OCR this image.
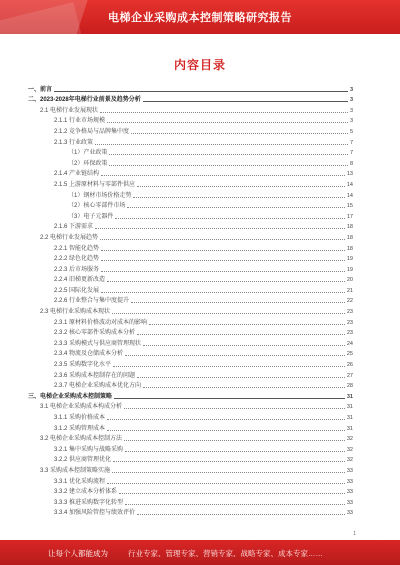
电梯企业采购成本控制策略研究报告
内容目录
一、前言	3
二、2023-2028年电梯行业前景及趋势分析	3
2.1 电梯行业发展现状	3
2.1.1 行业市场规模	3
2.1.2 竞争格局与品牌集中度	5
2.1.3 行业政策	7
（1）产业政策	7
（2）环保政策	8
2.1.4 产业链结构	13
2.1.5 上游原材料与零部件供应	14
（1）钢材市场价格走势	14
（2）核心零部件市场	15
（3）电子元器件	17
2.1.6 下游需求	18
2.2 电梯行业发展趋势	18
2.2.1 智能化趋势	18
2.2.2 绿色化趋势	19
2.2.3 后市场服务	19
2.2.4 旧梯更新改造	20
2.2.5 国际化发展	21
2.2.6 行业整合与集中度提升	22
2.3 电梯行业采购成本现状	23
2.3.1 原材料价格波动对成本的影响	23
2.3.2 核心零部件采购成本分析	23
2.3.3 采购模式与供应商管理现状	24
2.3.4 物流及仓储成本分析	25
2.3.5 采购数字化水平	26
2.3.6 采购成本控制存在的问题	27
2.3.7 电梯企业采购成本优化方向	28
三、电梯企业采购成本控制策略	31
3.1 电梯企业采购成本构成分析	31
3.1.1 采购价格成本	31
3.1.2 采购管理成本	31
3.2 电梯企业采购成本控制方法	32
3.2.1 集中采购与战略采购	32
3.2.2 供应商管理优化	32
3.3 采购成本控制策略实施	33
3.3.1 优化采购流程	33
3.3.2 建立成本分析体系	33
3.3.3 推进采购数字化转型	33
3.3.4 加强风险管控与绩效评价	33
1
让每个人都能成为	行业专家、管理专家、营销专家、战略专家、成本专家……
